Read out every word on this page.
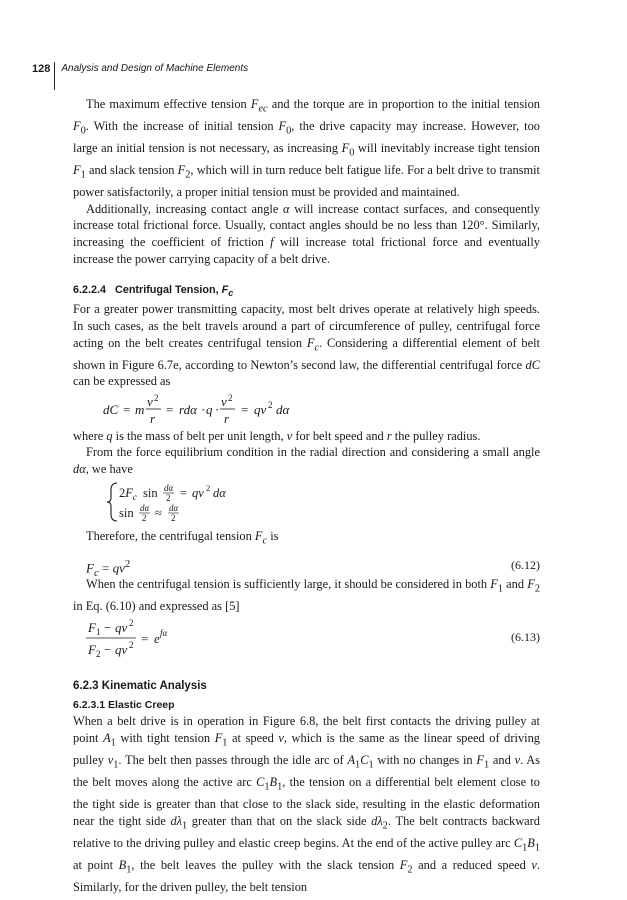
128 Analysis and Design of Machine Elements

The maximum effective tension $F_{ec}$ and the torque are in proportion to the initial tension $F_0$. With the increase of initial tension $F_0$, the drive capacity may increase. However, too large an initial tension is not necessary, as increasing $F_0$ will inevitably increase tight tension $F_1$ and slack tension $F_2$, which will in turn reduce belt fatigue life. For a belt drive to transmit power satisfactorily, a proper initial tension must be provided and maintained.

Additionally, increasing contact angle α will increase contact surfaces, and consequently increase total frictional force. Usually, contact angles should be no less than 120°. Similarly, increasing the coefficient of friction f will increase total frictional force and eventually increase the power carrying capacity of a belt drive.

6.2.2.4   Centrifugal Tension, $F_c$

For a greater power transmitting capacity, most belt drives operate at relatively high speeds. In such cases, as the belt travels around a part of circumference of pulley, centrifugal force acting on the belt creates centrifugal tension $F_c$. Considering a differential element of belt shown in Figure 6.7e, according to Newton’s second law, the differential centrifugal force dC can be expressed as

dC = m
v 2
r
= rdα · q ·
v 2
r
= qv 2 dα

where q is the mass of belt per unit length, v for belt speed and r the pulley radius.

From the force equilibrium condition in the radial direction and considering a small angle dα, we have

$2F_c$ sin dα
2 = qv 2 dα
sin dα
2 ≈ dα
2

Therefore, the centrifugal tension $F_c$ is

$F_c = qv^2$	(6.12)

When the centrifugal tension is sufficiently large, it should be considered in both $F_1$ and $F_2$ in Eq. (6.10) and expressed as [5]

F 1 − qv 2
F 2 − qv 2 = e fα	(6.13)
6.2.3 Kinematic Analysis
6.2.3.1 Elastic Creep

When a belt drive is in operation in Figure 6.8, the belt first contacts the driving pulley at point $A_1$ with tight tension $F_1$ at speed v, which is the same as the linear speed of driving pulley $v_1$. The belt then passes through the idle arc of $A_1C_1$ with no changes in $F_1$ and v. As the belt moves along the active arc $C_1B_1$, the tension on a differential belt element close to the tight side is greater than that close to the slack side, resulting in the elastic deformation near the tight side $d\lambda_1$ greater than that on the slack side $d\lambda_2$. The belt contracts backward relative to the driving pulley and elastic creep begins. At the end of the active pulley arc $C_1B_1$ at point $B_1$, the belt leaves the pulley with the slack tension $F_2$ and a reduced speed v. Similarly, for the driven pulley, the belt tension
